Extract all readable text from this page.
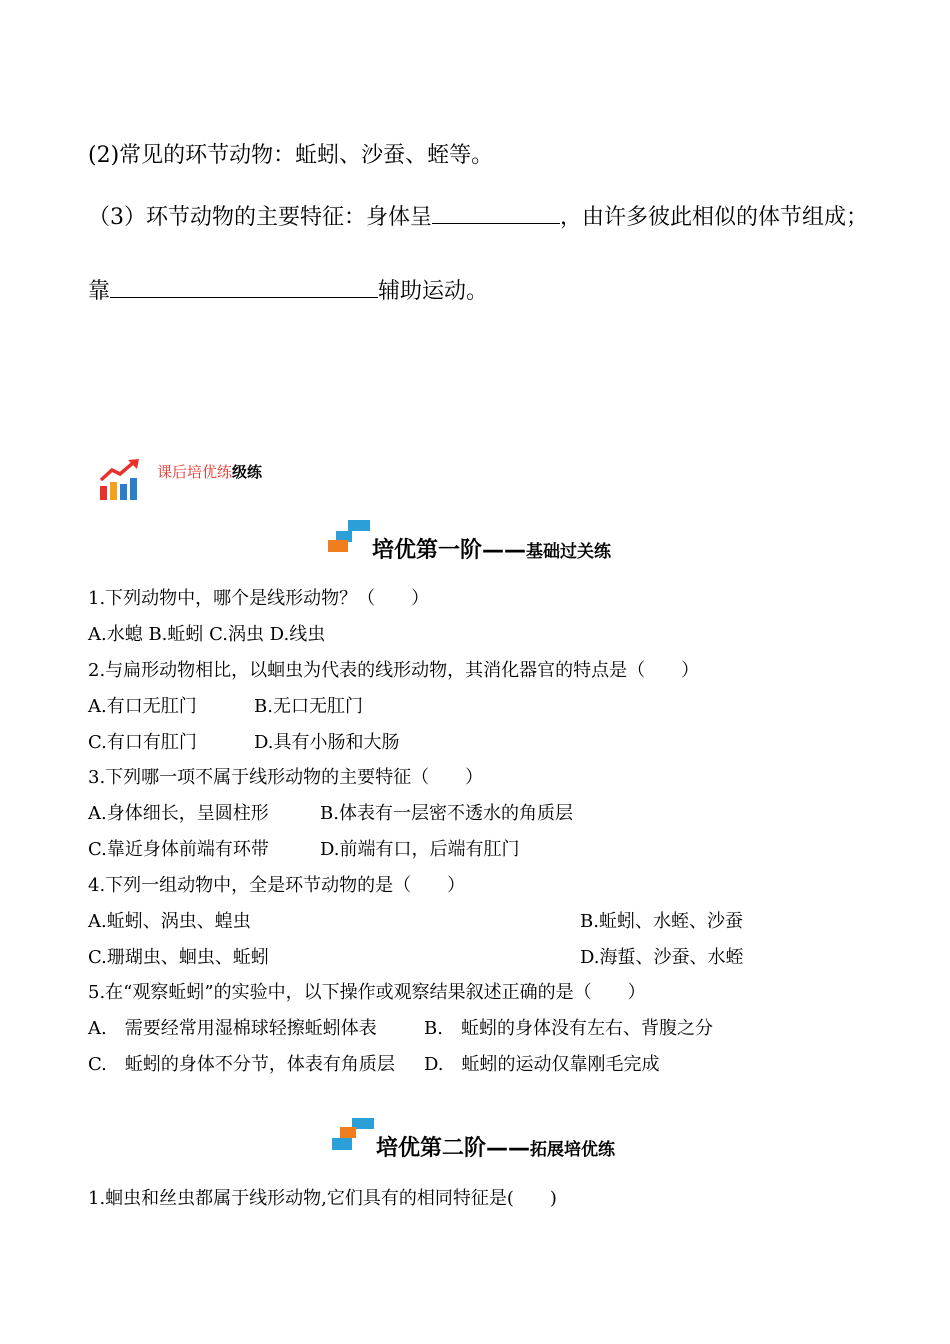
(2)常见的环节动物：蚯蚓、沙蚕、蛭等。
（3）环节动物的主要特征：身体呈	，由许多彼此相似的体节组成；
靠	辅助运动。
课后培优练级练
培优第一阶——基础过关练
1.下列动物中，哪个是线形动物？（　　）
A.水螅 B.蚯蚓 C.涡虫 D.线虫
2.与扁形动物相比，以蛔虫为代表的线形动物，其消化器官的特点是（　　）
A.有口无肛门	B.无口无肛门
C.有口有肛门	D.具有小肠和大肠
3.下列哪一项不属于线形动物的主要特征（　　）
A.身体细长，呈圆柱形	B.体表有一层密不透水的角质层
C.靠近身体前端有环带	D.前端有口，后端有肛门
4.下列一组动物中，全是环节动物的是（　　）
A.蚯蚓、涡虫、蝗虫	B.蚯蚓、水蛭、沙蚕
C.珊瑚虫、蛔虫、蚯蚓	D.海蜇、沙蚕、水蛭
5.在“观察蚯蚓”的实验中，以下操作或观察结果叙述正确的是（　　）
A.　需要经常用湿棉球轻擦蚯蚓体表	B.　蚯蚓的身体没有左右、背腹之分
C.　蚯蚓的身体不分节，体表有角质层 D.　蚯蚓的运动仅靠刚毛完成
培优第二阶——拓展培优练
1.蛔虫和丝虫都属于线形动物,它们具有的相同特征是(　　)
